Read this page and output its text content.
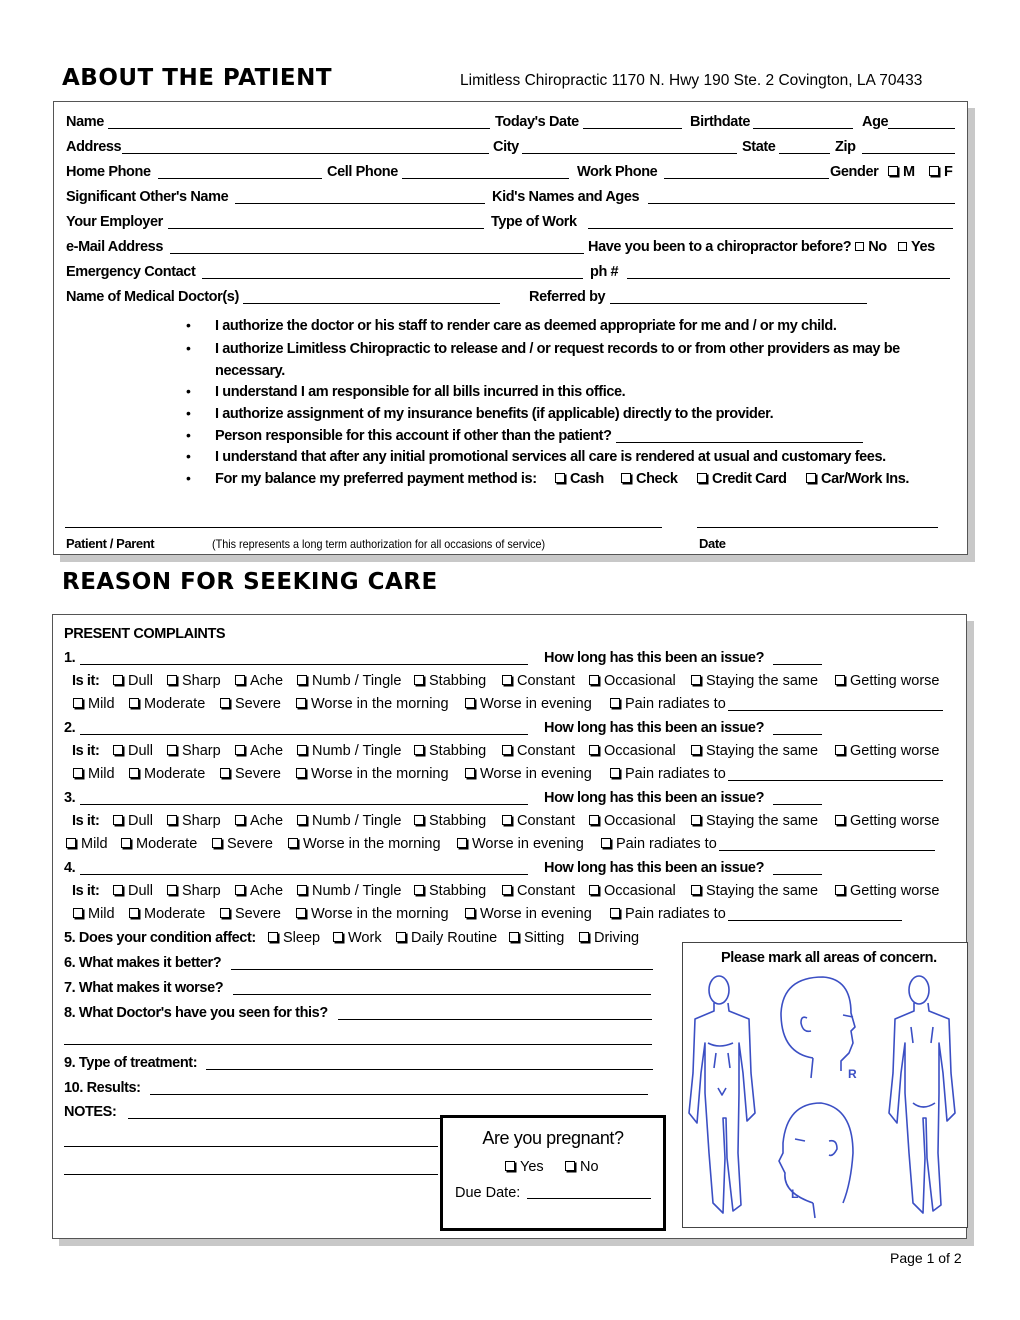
ABOUT THE PATIENT	Limitless Chiropractic 1170 N. Hwy 190 Ste. 2 Covington, LA 70433
Name	Today's Date	Birthdate	Age
Address	City	State	Zip
Home Phone	Cell Phone	Work Phone	Gender	M	F
Significant Other's Name	Kid's Names and Ages
Your Employer	Type of Work
e-Mail Address	Have you been to a chiropractor before? No Yes
Emergency Contact	ph #
Name of Medical Doctor(s)	Referred by
Patient / Parent	(This represents a long term authorization for all occasions of service)	Date
REASON FOR SEEKING CARE
PRESENT COMPLAINTS
5. Does your condition affect:
6. What makes it better?
7. What makes it worse?
8. What Doctor's have you seen for this?
9. Type of treatment:
10. Results:
NOTES:
Are you pregnant?
Yes	No
Due Date:
Please mark all areas of concern.
R
L
Page 1 of 2
• I authorize the doctor or his staff to render care as deemed appropriate for me and / or my child.
• I authorize Limitless Chiropractic to release and / or request records to or from other providers as may be
• I understand I am responsible for all bills incurred in this office.
• I authorize assignment of my insurance benefits (if applicable) directly to the provider.
• Person responsible for this account if other than the patient?
• I understand that after any initial promotional services all care is rendered at usual and customary fees.
• For my balance my preferred payment method is:
necessary.
Cash	Check	Credit Card	Car/Work Ins.
1.	How long has this been an issue?
Is it:	Dull	Sharp	Ache	Numb / Tingle	Stabbing	Constant	Occasional	Staying the same	Getting worse
Mild	Moderate	Severe	Worse in the morning	Worse in evening	Pain radiates to
2.	How long has this been an issue?
Is it:	Dull	Sharp	Ache	Numb / Tingle	Stabbing	Constant	Occasional	Staying the same	Getting worse
Mild	Moderate	Severe	Worse in the morning	Worse in evening	Pain radiates to
3.	How long has this been an issue?
Is it:	Dull	Sharp	Ache	Numb / Tingle	Stabbing	Constant	Occasional	Staying the same	Getting worse
Mild	Moderate	Severe	Worse in the morning	Worse in evening	Pain radiates to
4.	How long has this been an issue?
Is it:	Dull	Sharp	Ache	Numb / Tingle	Stabbing	Constant	Occasional	Staying the same	Getting worse
Mild	Moderate	Severe	Worse in the morning	Worse in evening	Pain radiates to
Sleep	Work	Daily Routine	Sitting	Driving
